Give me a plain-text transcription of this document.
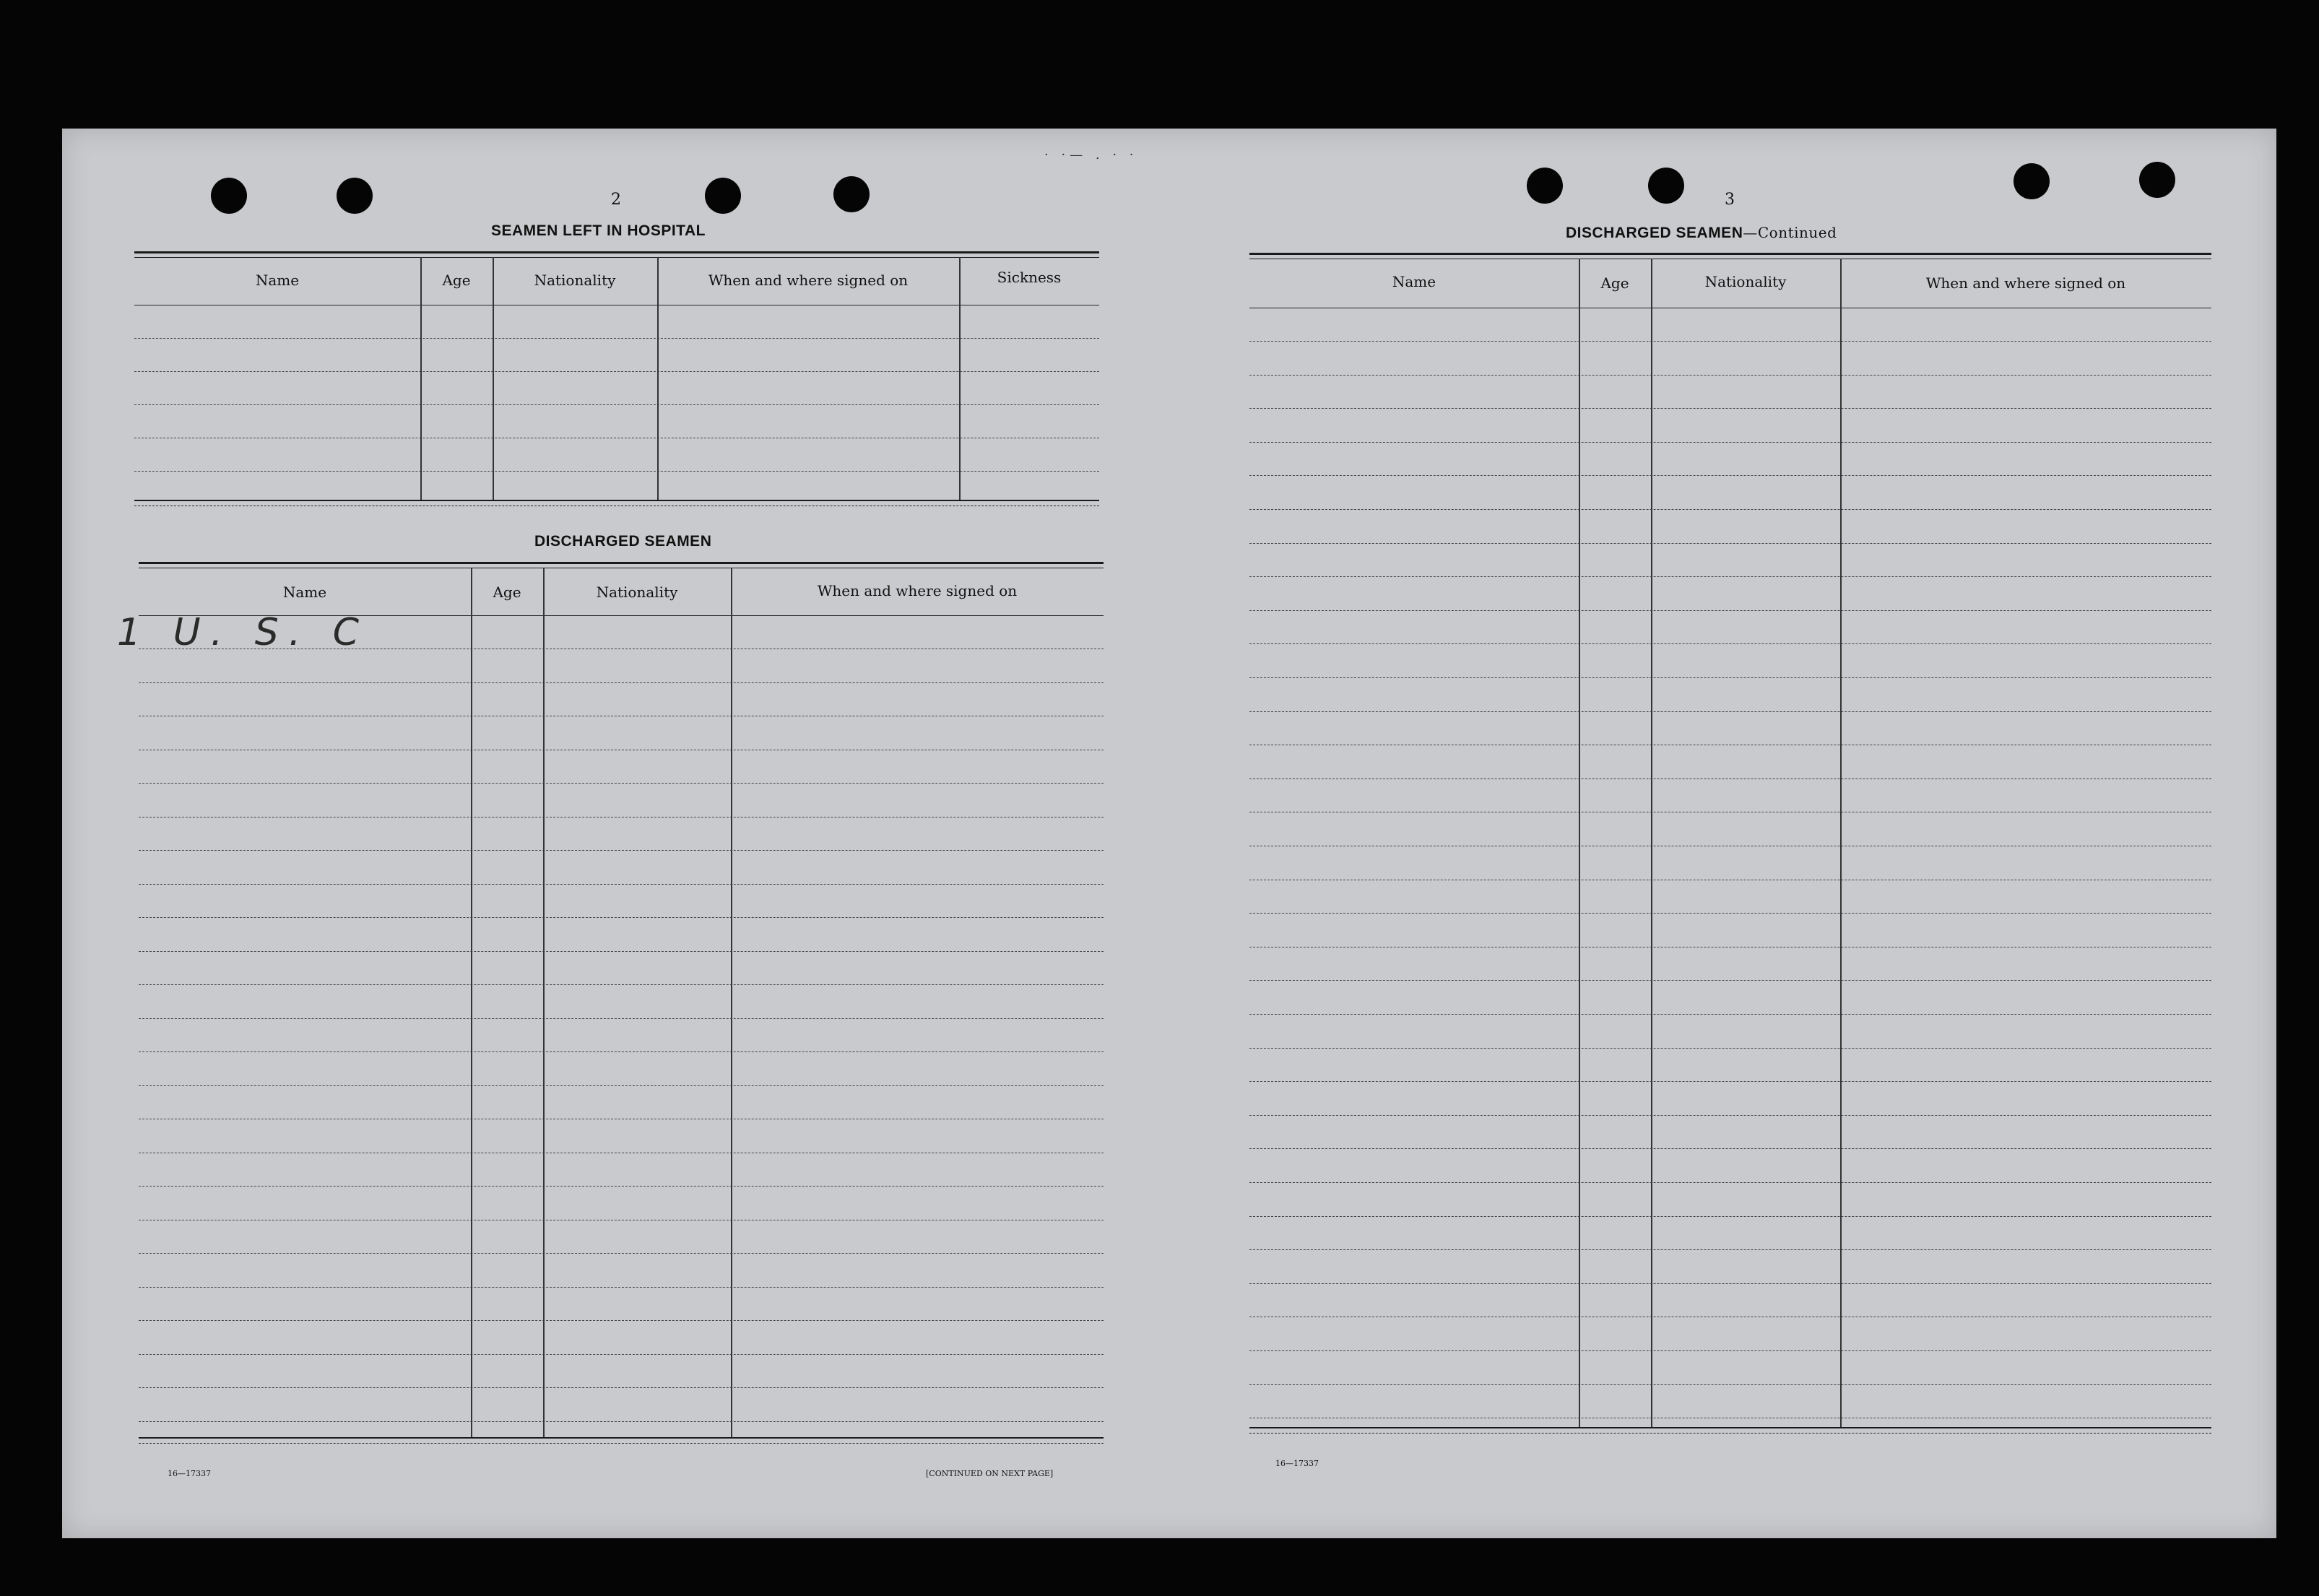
· ·— . · ·
2
SEAMEN LEFT IN HOSPITAL
Name	Age	Nationality	When and where signed on	Sickness
DISCHARGED SEAMEN
Name	Age	Nationality	When and where signed on
1 U. S. C
16—17337	[CONTINUED ON NEXT PAGE]
3
DISCHARGED SEAMEN—Continued
Name	Age	Nationality	When and where signed on
16—17337
